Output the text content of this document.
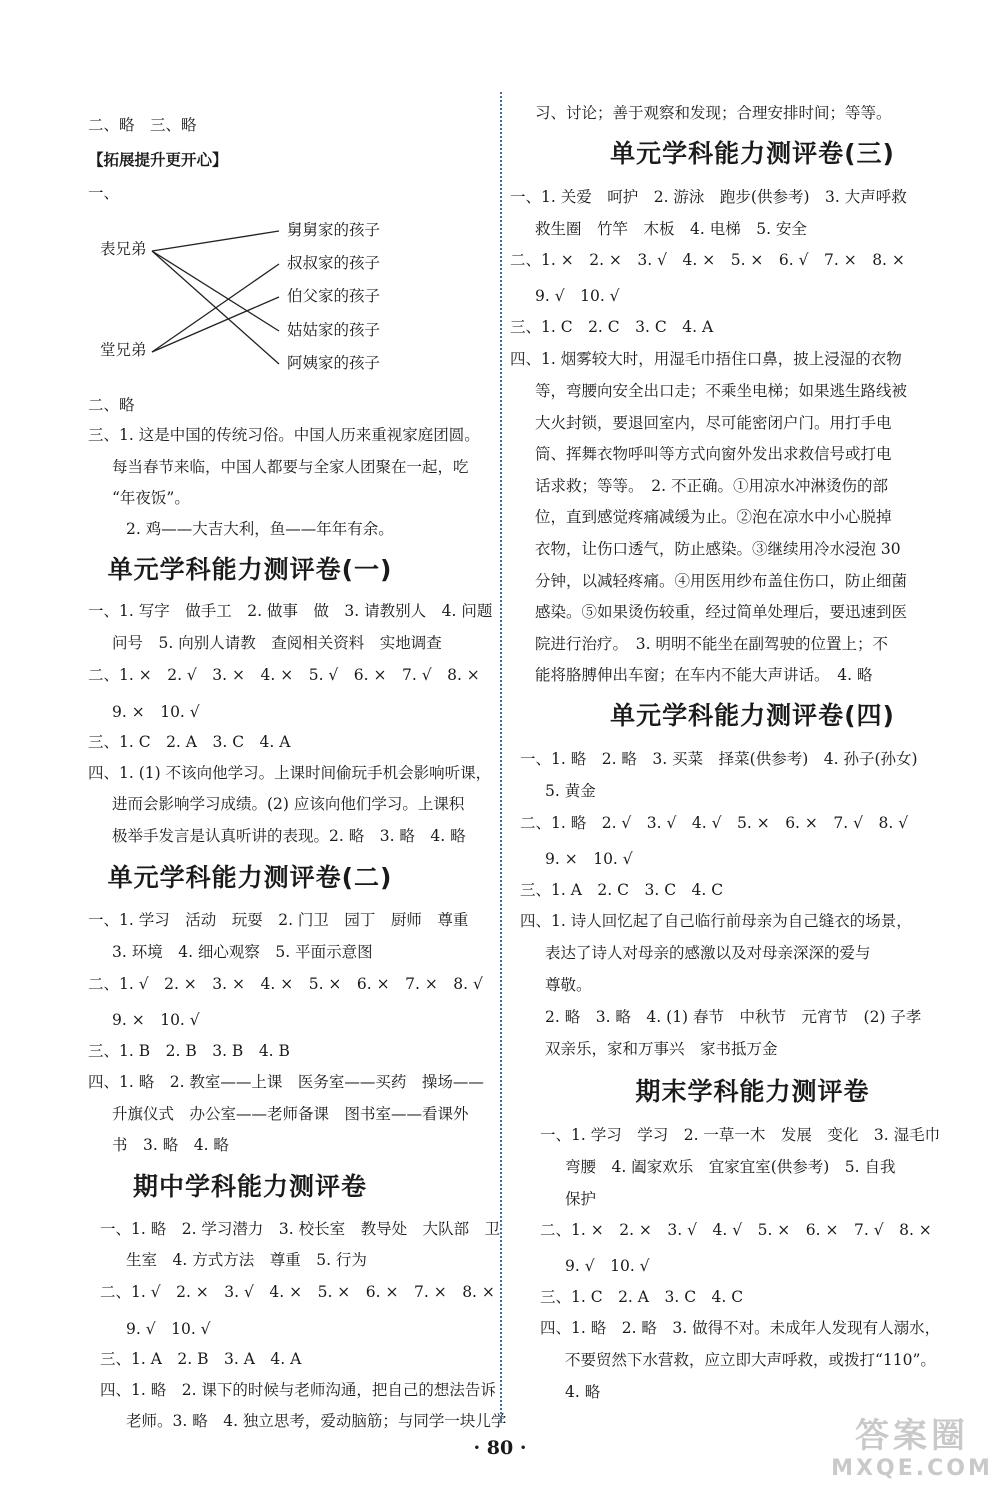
二、略　三、略
【拓展提升更开心】
一、
表兄弟
堂兄弟
舅舅家的孩子
叔叔家的孩子
伯父家的孩子
姑姑家的孩子
阿姨家的孩子
二、略
三、1. 这是中国的传统习俗。中国人历来重视家庭团圆。
每当春节来临，中国人都要与全家人团聚在一起，吃
“年夜饭”。
2. 鸡——大吉大利，鱼——年年有余。
单元学科能力测评卷(一)
一、1. 写字　做手工　2. 做事　做　3. 请教别人　4. 问题
问号　5. 向别人请教　查阅相关资料　实地调查
二、1. ×　2. √　3. ×　4. ×　5. √　6. ×　7. √　8. ×
9. ×　10. √
三、1. C　2. A　3. C　4. A
四、1. (1) 不该向他学习。上课时间偷玩手机会影响听课，
进而会影响学习成绩。(2) 应该向他们学习。上课积
极举手发言是认真听讲的表现。2. 略　3. 略　4. 略
单元学科能力测评卷(二)
一、1. 学习　活动　玩耍　2. 门卫　园丁　厨师　尊重
3. 环境　4. 细心观察　5. 平面示意图
二、1. √　2. ×　3. ×　4. ×　5. ×　6. ×　7. ×　8. √
9. ×　10. √
三、1. B　2. B　3. B　4. B
四、1. 略　2. 教室——上课　医务室——买药　操场——
升旗仪式　办公室——老师备课　图书室——看课外
书　3. 略　4. 略
期中学科能力测评卷
一、1. 略　2. 学习潜力　3. 校长室　教导处　大队部　卫
生室　4. 方式方法　尊重　5. 行为
二、1. √　2. ×　3. √　4. ×　5. ×　6. ×　7. ×　8. ×
9. √　10. √
三、1. A　2. B　3. A　4. A
四、1. 略　2. 课下的时候与老师沟通，把自己的想法告诉
老师。3. 略　4. 独立思考，爱动脑筋；与同学一块儿学
习、讨论；善于观察和发现；合理安排时间；等等。
单元学科能力测评卷(三)
一、1. 关爱　呵护　2. 游泳　跑步(供参考)　3. 大声呼救
救生圈　竹竿　木板　4. 电梯　5. 安全
二、1. ×　2. ×　3. √　4. ×　5. ×　6. √　7. ×　8. ×
9. √　10. √
三、1. C　2. C　3. C　4. A
四、1. 烟雾较大时，用湿毛巾捂住口鼻，披上浸湿的衣物
等，弯腰向安全出口走；不乘坐电梯；如果逃生路线被
大火封锁，要退回室内，尽可能密闭户门。用打手电
筒、挥舞衣物呼叫等方式向窗外发出求救信号或打电
话求救；等等。　2. 不正确。①用凉水冲淋烫伤的部
位，直到感觉疼痛减缓为止。②泡在凉水中小心脱掉
衣物，让伤口透气，防止感染。③继续用冷水浸泡 30
分钟，以减轻疼痛。④用医用纱布盖住伤口，防止细菌
感染。⑤如果烫伤较重，经过简单处理后，要迅速到医
院进行治疗。　3. 明明不能坐在副驾驶的位置上；不
能将胳膊伸出车窗；在车内不能大声讲话。　4. 略
单元学科能力测评卷(四)
一、1. 略　2. 略　3. 买菜　择菜(供参考)　4. 孙子(孙女)
5. 黄金
二、1. 略　2. √　3. √　4. √　5. ×　6. ×　7. √　8. √
9. ×　10. √
三、1. A　2. C　3. C　4. C
四、1. 诗人回忆起了自己临行前母亲为自己缝衣的场景，
表达了诗人对母亲的感激以及对母亲深深的爱与
尊敬。
2. 略　3. 略　4. (1) 春节　中秋节　元宵节　(2) 子孝
双亲乐，家和万事兴　家书抵万金
期末学科能力测评卷
一、1. 学习　学习　2. 一草一木　发展　变化　3. 湿毛巾
弯腰　4. 阖家欢乐　宜家宜室(供参考)　5. 自我
保护
二、1. ×　2. ×　3. √　4. √　5. ×　6. ×　7. √　8. ×
9. √　10. √
三、1. C　2. A　3. C　4. C
四、1. 略　2. 略　3. 做得不对。未成年人发现有人溺水，
不要贸然下水营救，应立即大声呼救，或拨打“110”。
4. 略
· 80 ·	答案圈
MXQE.COM
